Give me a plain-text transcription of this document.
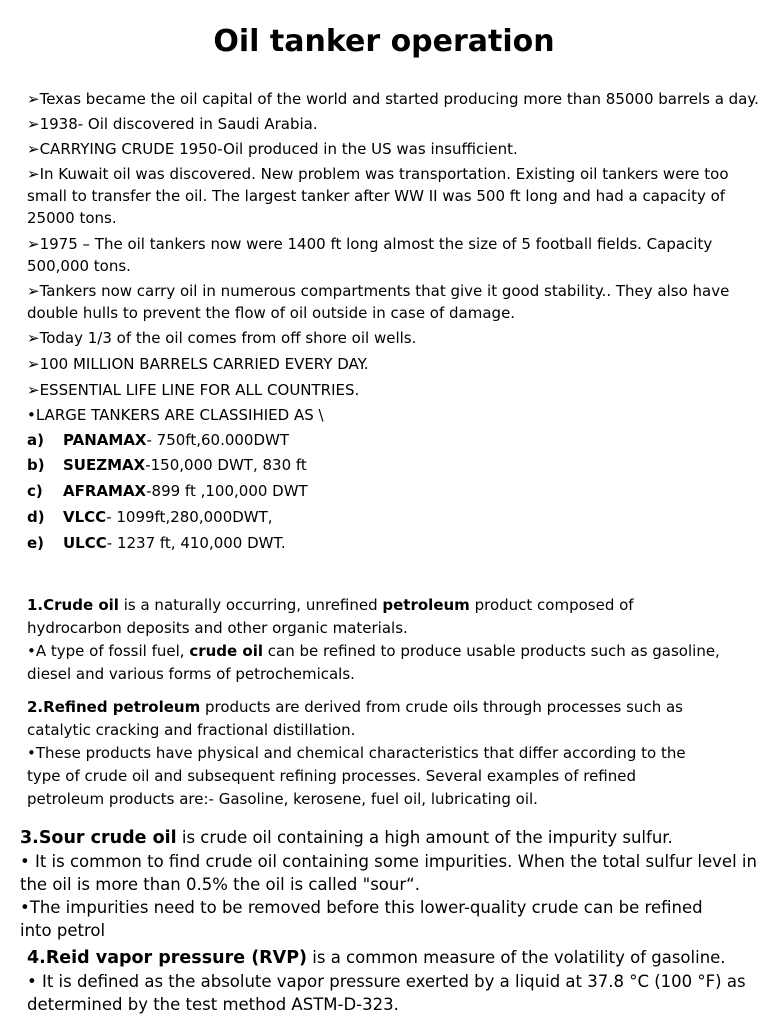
Oil tanker operation
➢ Texas became the oil capital of the world and started producing more than 85000 barrels a day.
➢ 1938- Oil discovered in Saudi Arabia.
➢ CARRYING CRUDE 1950-Oil produced in the US was insufficient.
➢ In Kuwait oil was discovered. New problem was transportation. Existing oil tankers were too
small to transfer the oil. The largest tanker after WW II was 500 ft long and had a capacity of
25000 tons.
➢ 1975 – The oil tankers now were 1400 ft long almost the size of 5 football fields. Capacity
500,000 tons.
➢ Tankers now carry oil in numerous compartments that give it good stability.. They also have
double hulls to prevent the flow of oil outside in case of damage.
➢ Today 1/3 of the oil comes from off shore oil wells.
➢ 100 MILLION BARRELS CARRIED EVERY DAY.
➢ ESSENTIAL LIFE LINE FOR ALL COUNTRIES.
• LARGE TANKERS ARE CLASSIHIED AS \
a) PANAMAX- 750ft,60.000DWT
b) SUEZMAX-150,000 DWT, 830 ft
c) AFRAMAX-899 ft ,100,000 DWT
d) VLCC- 1099ft,280,000DWT,
e) ULCC- 1237 ft, 410,000 DWT.
1.Crude oil is a naturally occurring, unrefined petroleum product composed of
hydrocarbon deposits and other organic materials.
• A type of fossil fuel, crude oil can be refined to produce usable products such as gasoline,
diesel and various forms of petrochemicals.
2.Refined petroleum products are derived from crude oils through processes such as
catalytic cracking and fractional distillation.
• These products have physical and chemical characteristics that differ according to the
type of crude oil and subsequent refining processes. Several examples of refined
petroleum products are:- Gasoline, kerosene, fuel oil, lubricating oil.
3.Sour crude oil is crude oil containing a high amount of the impurity sulfur.
• It is common to find crude oil containing some impurities. When the total sulfur level in
the oil is more than 0.5% the oil is called "sour“.
• The impurities need to be removed before this lower-quality crude can be refined
into petrol
4.Reid vapor pressure (RVP) is a common measure of the volatility of gasoline.
• It is defined as the absolute vapor pressure exerted by a liquid at 37.8 °C (100 °F) as
determined by the test method ASTM-D-323.
